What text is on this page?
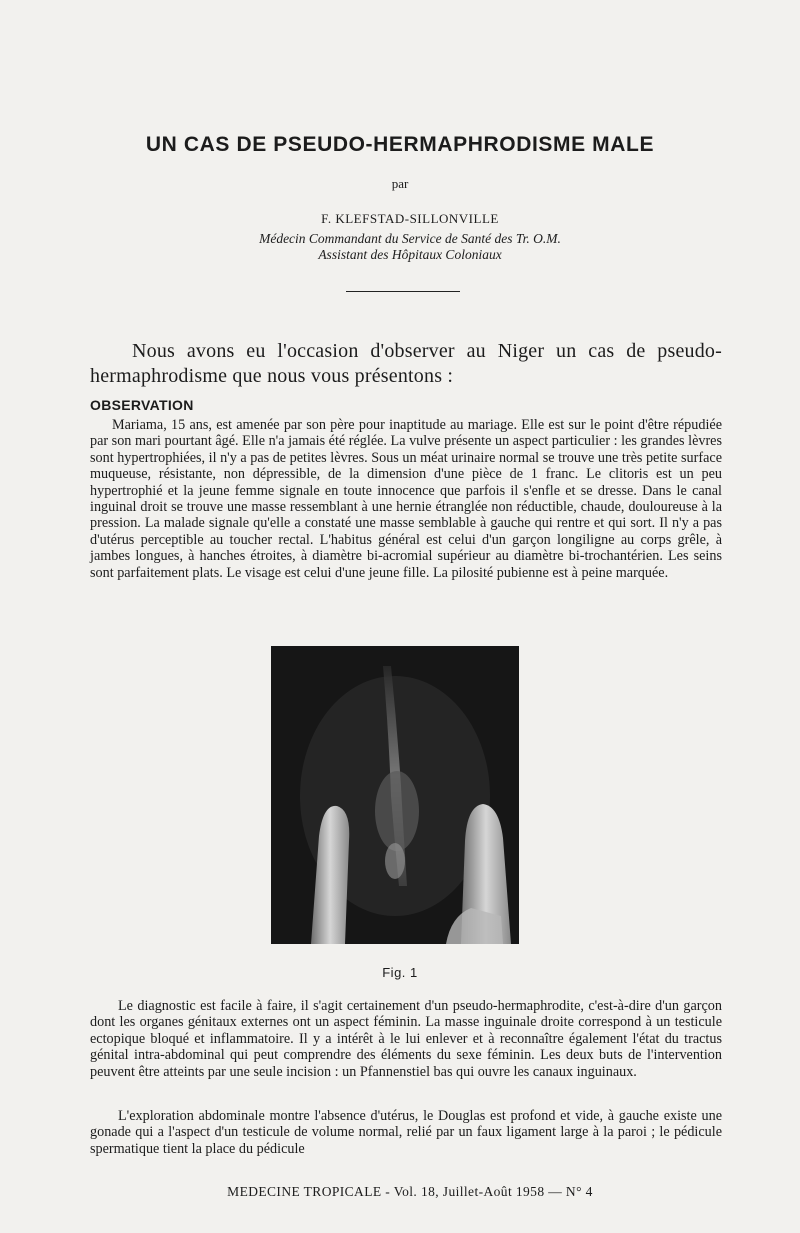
UN CAS DE PSEUDO-HERMAPHRODISME MALE
par
F. KLEFSTAD-SILLONVILLE
Médecin Commandant du Service de Santé des Tr. O.M.
Assistant des Hôpitaux Coloniaux
Nous avons eu l'occasion d'observer au Niger un cas de pseudo-hermaphrodisme que nous vous présentons :
OBSERVATION

Mariama, 15 ans, est amenée par son père pour inaptitude au mariage. Elle est sur le point d'être répudiée par son mari pourtant âgé. Elle n'a jamais été réglée. La vulve présente un aspect particulier : les grandes lèvres sont hypertrophiées, il n'y a pas de petites lèvres. Sous un méat urinaire normal se trouve une très petite surface muqueuse, résistante, non dépressible, de la dimension d'une pièce de 1 franc. Le clitoris est un peu hypertrophié et la jeune femme signale en toute innocence que parfois il s'enfle et se dresse. Dans le canal inguinal droit se trouve une masse ressemblant à une hernie étranglée non réductible, chaude, douloureuse à la pression. La malade signale qu'elle a constaté une masse semblable à gauche qui rentre et qui sort. Il n'y a pas d'utérus perceptible au toucher rectal. L'habitus général est celui d'un garçon longiligne au corps grêle, à jambes longues, à hanches étroites, à diamètre bi-acromial supérieur au diamètre bi-trochantérien. Les seins sont parfaitement plats. Le visage est celui d'une jeune fille. La pilosité pubienne est à peine marquée.

Fig. 1

Le diagnostic est facile à faire, il s'agit certainement d'un pseudo-hermaphrodite, c'est-à-dire d'un garçon dont les organes génitaux externes ont un aspect féminin. La masse inguinale droite correspond à un testicule ectopique bloqué et inflammatoire. Il y a intérêt à le lui enlever et à reconnaître également l'état du tractus génital intra-abdominal qui peut comprendre des éléments du sexe féminin. Les deux buts de l'intervention peuvent être atteints par une seule incision : un Pfannenstiel bas qui ouvre les canaux inguinaux.

L'exploration abdominale montre l'absence d'utérus, le Douglas est profond et vide, à gauche existe une gonade qui a l'aspect d'un testicule de volume normal, relié par un faux ligament large à la paroi ; le pédicule spermatique tient la place du pédicule

MEDECINE TROPICALE - Vol. 18, Juillet-Août 1958 — N° 4
